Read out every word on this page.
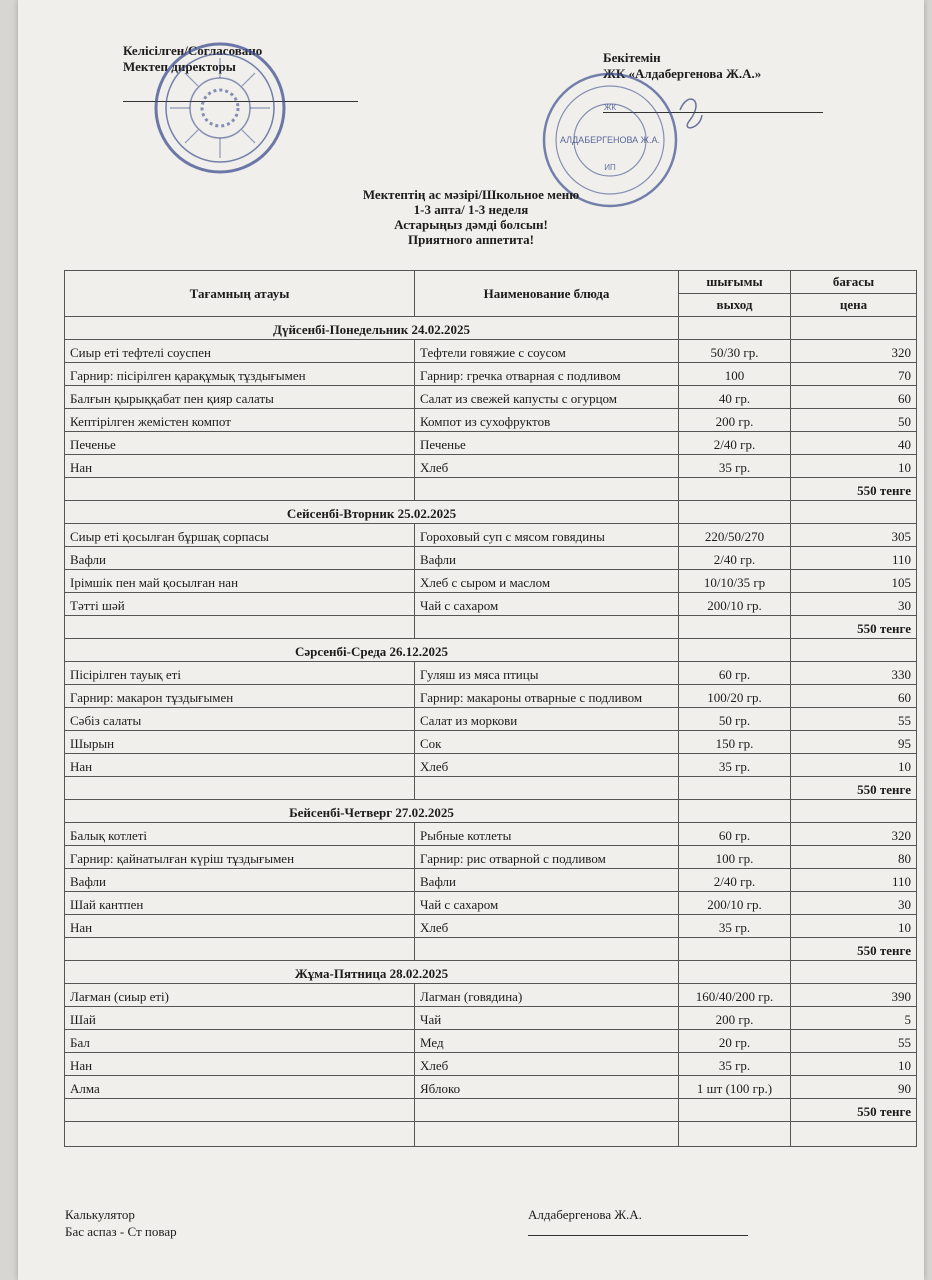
Келісілген/Согласовано
Мектеп директоры
Бекітемін
ЖК «Алдабергенова Ж.А.»
ЖК
АЛДАБЕРГЕНОВА Ж.А.
ИП
Мектептің ас мәзірі/Школьное меню
1-3 апта/ 1-3 неделя
Астарыңыз дәмді болсын!
Приятного аппетита!
Тағамның атауы	Наименование блюда	шығымы	бағасы
		выход	цена
Дүйсенбі-Понедельник 24.02.2025			
Сиыр еті тефтелі соуспен	Тефтели говяжие с соусом	50/30 гр.	320
Гарнир: пісірілген қарақұмық тұздығымен	Гарнир: гречка отварная с подливом	100	70
Балғын қырыққабат пен қияр салаты	Салат из свежей капусты с огурцом	40 гр.	60
Кептірілген жемістен компот	Компот из сухофруктов	200 гр.	50
Печенье	Печенье	2/40 гр.	40
Нан	Хлеб	35 гр.	10
			550 тенге
Сейсенбі-Вторник 25.02.2025			
Сиыр еті қосылған бұршақ сорпасы	Гороховый суп с мясом говядины	220/50/270	305
Вафли	Вафли	2/40 гр.	110
Ірімшік пен май қосылған нан	Хлеб с сыром и маслом	10/10/35 гр	105
Тәтті шәй	Чай с сахаром	200/10 гр.	30
			550 тенге
Сәрсенбі-Среда 26.12.2025			
Пісірілген тауық еті	Гуляш из мяса птицы	60 гр.	330
Гарнир: макарон тұздығымен	Гарнир: макароны отварные с подливом	100/20 гр.	60
Сәбіз салаты	Салат из моркови	50 гр.	55
Шырын	Сок	150 гр.	95
Нан	Хлеб	35 гр.	10
			550 тенге
Бейсенбі-Четверг 27.02.2025			
Балық котлеті	Рыбные котлеты	60 гр.	320
Гарнир: қайнатылған күріш тұздығымен	Гарнир: рис отварной с подливом	100 гр.	80
Вафли	Вафли	2/40 гр.	110
Шай кантпен	Чай с сахаром	200/10 гр.	30
Нан	Хлеб	35 гр.	10
			550 тенге
Жұма-Пятница 28.02.2025			
Лағман (сиыр еті)	Лагман (говядина)	160/40/200 гр.	390
Шай	Чай	200 гр.	5
Бал	Мед	20 гр.	55
Нан	Хлеб	35 гр.	10
Алма	Яблоко	1 шт (100 гр.)	90
			550 тенге

Калькулятор
Бас аспаз - Ст повар
Алдабергенова Ж.А.
